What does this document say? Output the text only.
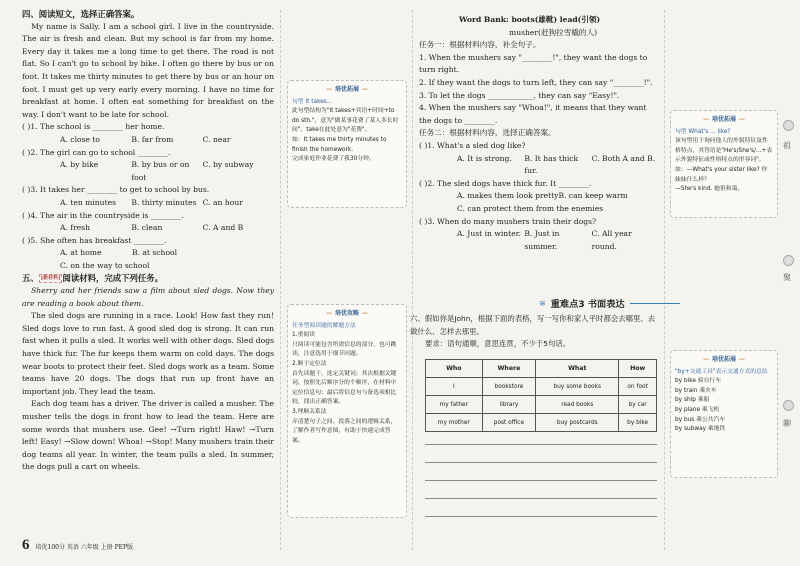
四、阅读短文，选择正确答案。

My name is Sally. I am a school girl. I live in the countryside. The air is fresh and clean. But my school is far from my home. Every day it takes me a long time to get there. The road is not flat. So I can't go to school by bike. I often go there by bus or on foot. It takes me thirty minutes to get there by bus or an hour on foot. I must get up very early every morning. I have no time for breakfast at home. I often eat something for breakfast on the way. I don't want to be late for school.

( )1. The school is ________ her home.
A. close to	B. far from	C. near
( )2. The girl can go to school ________.
A. by bike	B. by bus or on foot
C. by subway
( )3. It takes her ________ to get to school by bus.
A. ten minutes	B. thirty minutes C. an hour
( )4. The air in the countryside is ________.
A. fresh	B. clean	C. A and B
( )5. She often has breakfast ________.
A. at home	B. at school
C. on the way to school
五、 [新材料] 阅读材料，完成下列任务。

Sherry and her friends saw a film about sled dogs. Now they are reading a book about them.

The sled dogs are running in a race. Look! How fast they run! Sled dogs love to run fast. A good sled dog is strong. It can run fast when it pulls a sled. It works well with other dogs. Sled dogs have thick fur. The fur keeps them warm on cold days. The dogs wear boots to protect their feet. Sled dogs work as a team. Some teams have 20 dogs. The dogs that run up front have an important job. They lead the team.

Each dog team has a driver. The driver is called a musher. The musher tells the dogs in front how to lead the team. Here are some words that mushers use. Gee! →Turn right! Haw! →Turn left! Easy! →Slow down! Whoa! →Stop! Many mushers train their dog teams all year. In winter, the team pulls a sled. In summer, the dogs pull a cart on wheels.

6 培优100分 英语 六年级 上册 PEP版
— 培优拓展 —
句型 It takes...
此句型结构为"It takes+宾语+时间+to do sth."，意为"做某事花费了某人多长时间"，take在此处意为"花费"。
如：It takes me thirty minutes to finish the homework.
完成家庭作业花费了我30分钟。
— 培优攻略 —
任务型阅读题的解题方法
1.重阅读
只阅读可能包含所需信息的部分，也可跳读，注意选用于细节问题。
2.顺于定位法
首先读题干，选定关键词；其次根据关键词，按照先后顺序分的个顺序，在材料中定位信息句；最后将信息句与备选项相比较，找出正确答案。
3.理顺关系法
弄清楚句子之间、段落之间的逻辑关系，了解作者写作意图，有助于快速完成答案。
— 培优拓展 —
句型 What's ... like?
该句型用于询问他人的外貌特征及性格特点，其答语是"He's/She's/...+表示外貌特征或性格特点的形容词"。
如：—What's your sister like? 你妹妹什么样？
—She's kind. 她很和蔼。
— 培优拓展 —
"by+交通工具"表示交通方式的总结
by bike 骑自行车
by train 乘火车
by ship 乘船
by plane 乘飞机
by bus 乘公共汽车
by subway 乘地铁
Word Bank: boots(雄靴) lead(引领)
musher(赶狗拉雪橇的人)
任务一：根据材料内容，补全句子。
1. When the mushers say "________!", they want the dogs to turn right.
2. If they want the dogs to turn left, they can say "________!".
3. To let the dogs ____________, they can say "Easy!".
4. When the mushers say "Whoa!", it means that they want the dogs to ________.
任务二：根据材料内容，选择正确答案。
( )1. What's a sled dog like?
A. It is strong.	B. It has thick fur.
C. Both A and B.
( )2. The sled dogs have thick fur. It ________.
A. makes them look pretty B. can keep warm
C. can protect them from the enemies
( )3. When do many mushers train their dogs?
A. Just in winter. B. Just in summer.
C. All year round.
≋ 重难点3 书面表达
六、假如你是John，根据下面的表格，写一写你和家人平时都会去哪里、去做什么、怎样去那里。
要求：语句通顺，意思连贯，不少于5句话。
Who	Where	What	How
I	bookstore	buy some books	on foot
my father	library	read books	by car
my mother	post office	buy postcards	by bike
祖
聚
聊
